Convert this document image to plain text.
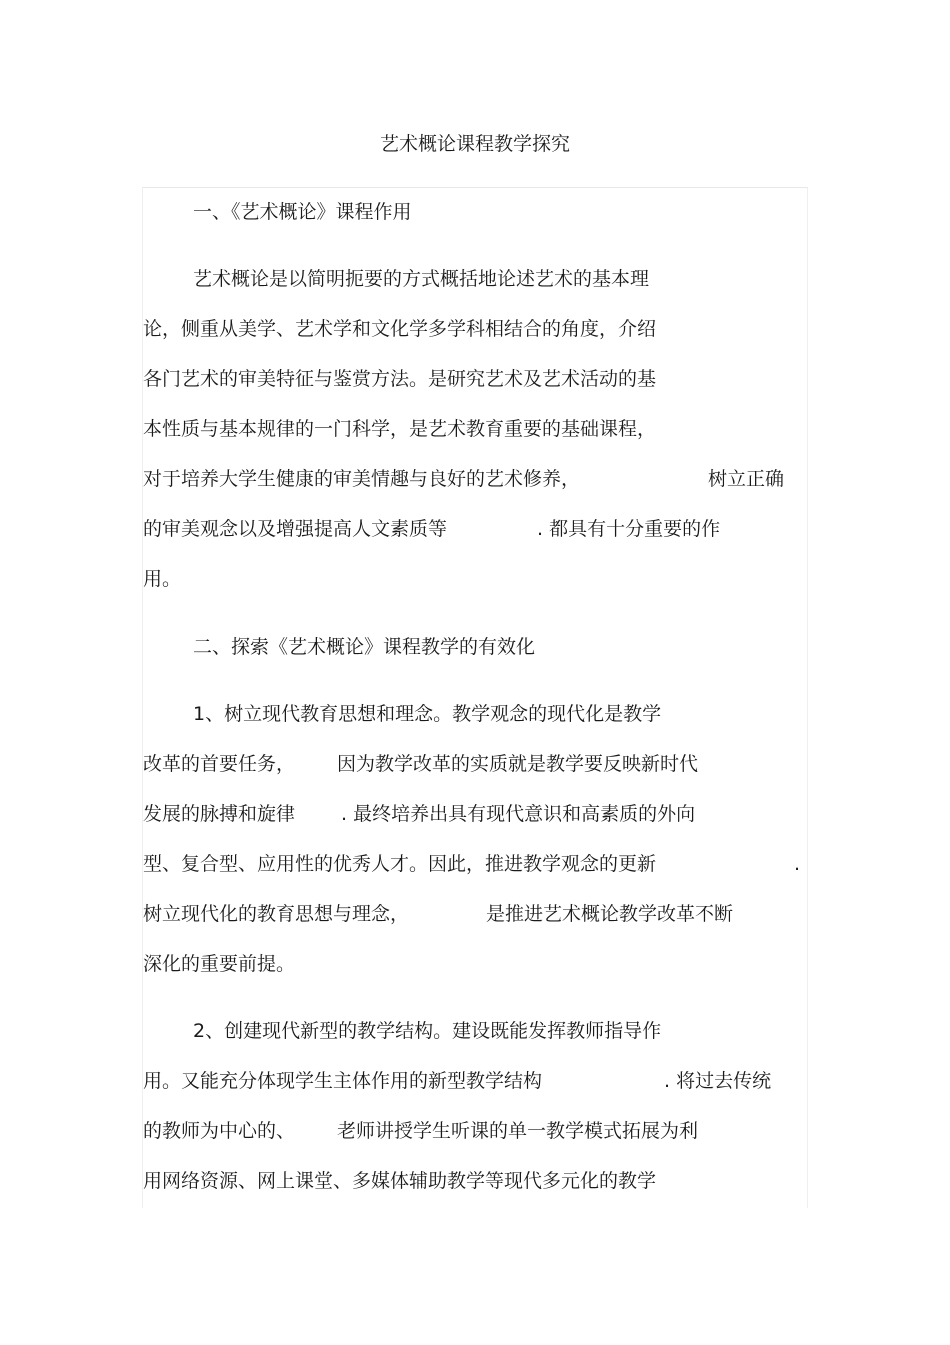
艺术概论课程教学探究
一、《艺术概论》课程作用
艺术概论是以简明扼要的方式概括地论述艺术的基本理
论，侧重从美学、艺术学和文化学多学科相结合的角度，介绍
各门艺术的审美特征与鉴赏方法。是研究艺术及艺术活动的基
本性质与基本规律的一门科学，是艺术教育重要的基础课程，
对于培养大学生健康的审美情趣与良好的艺术修养，	树立正确
的审美观念以及增强提高人文素质等	. 都具有十分重要的作
用。
二、探索《艺术概论》课程教学的有效化
1、树立现代教育思想和理念。教学观念的现代化是教学
改革的首要任务， 因为教学改革的实质就是教学要反映新时代
发展的脉搏和旋律 . 最终培养出具有现代意识和高素质的外向
型、复合型、应用性的优秀人才。因此，推进教学观念的更新	.
树立现代化的教育思想与理念，	是推进艺术概论教学改革不断
深化的重要前提。
2、创建现代新型的教学结构。建设既能发挥教师指导作
用。又能充分体现学生主体作用的新型教学结构	. 将过去传统
的教师为中心的、 老师讲授学生听课的单一教学模式拓展为利
用网络资源、网上课堂、多媒体辅助教学等现代多元化的教学
